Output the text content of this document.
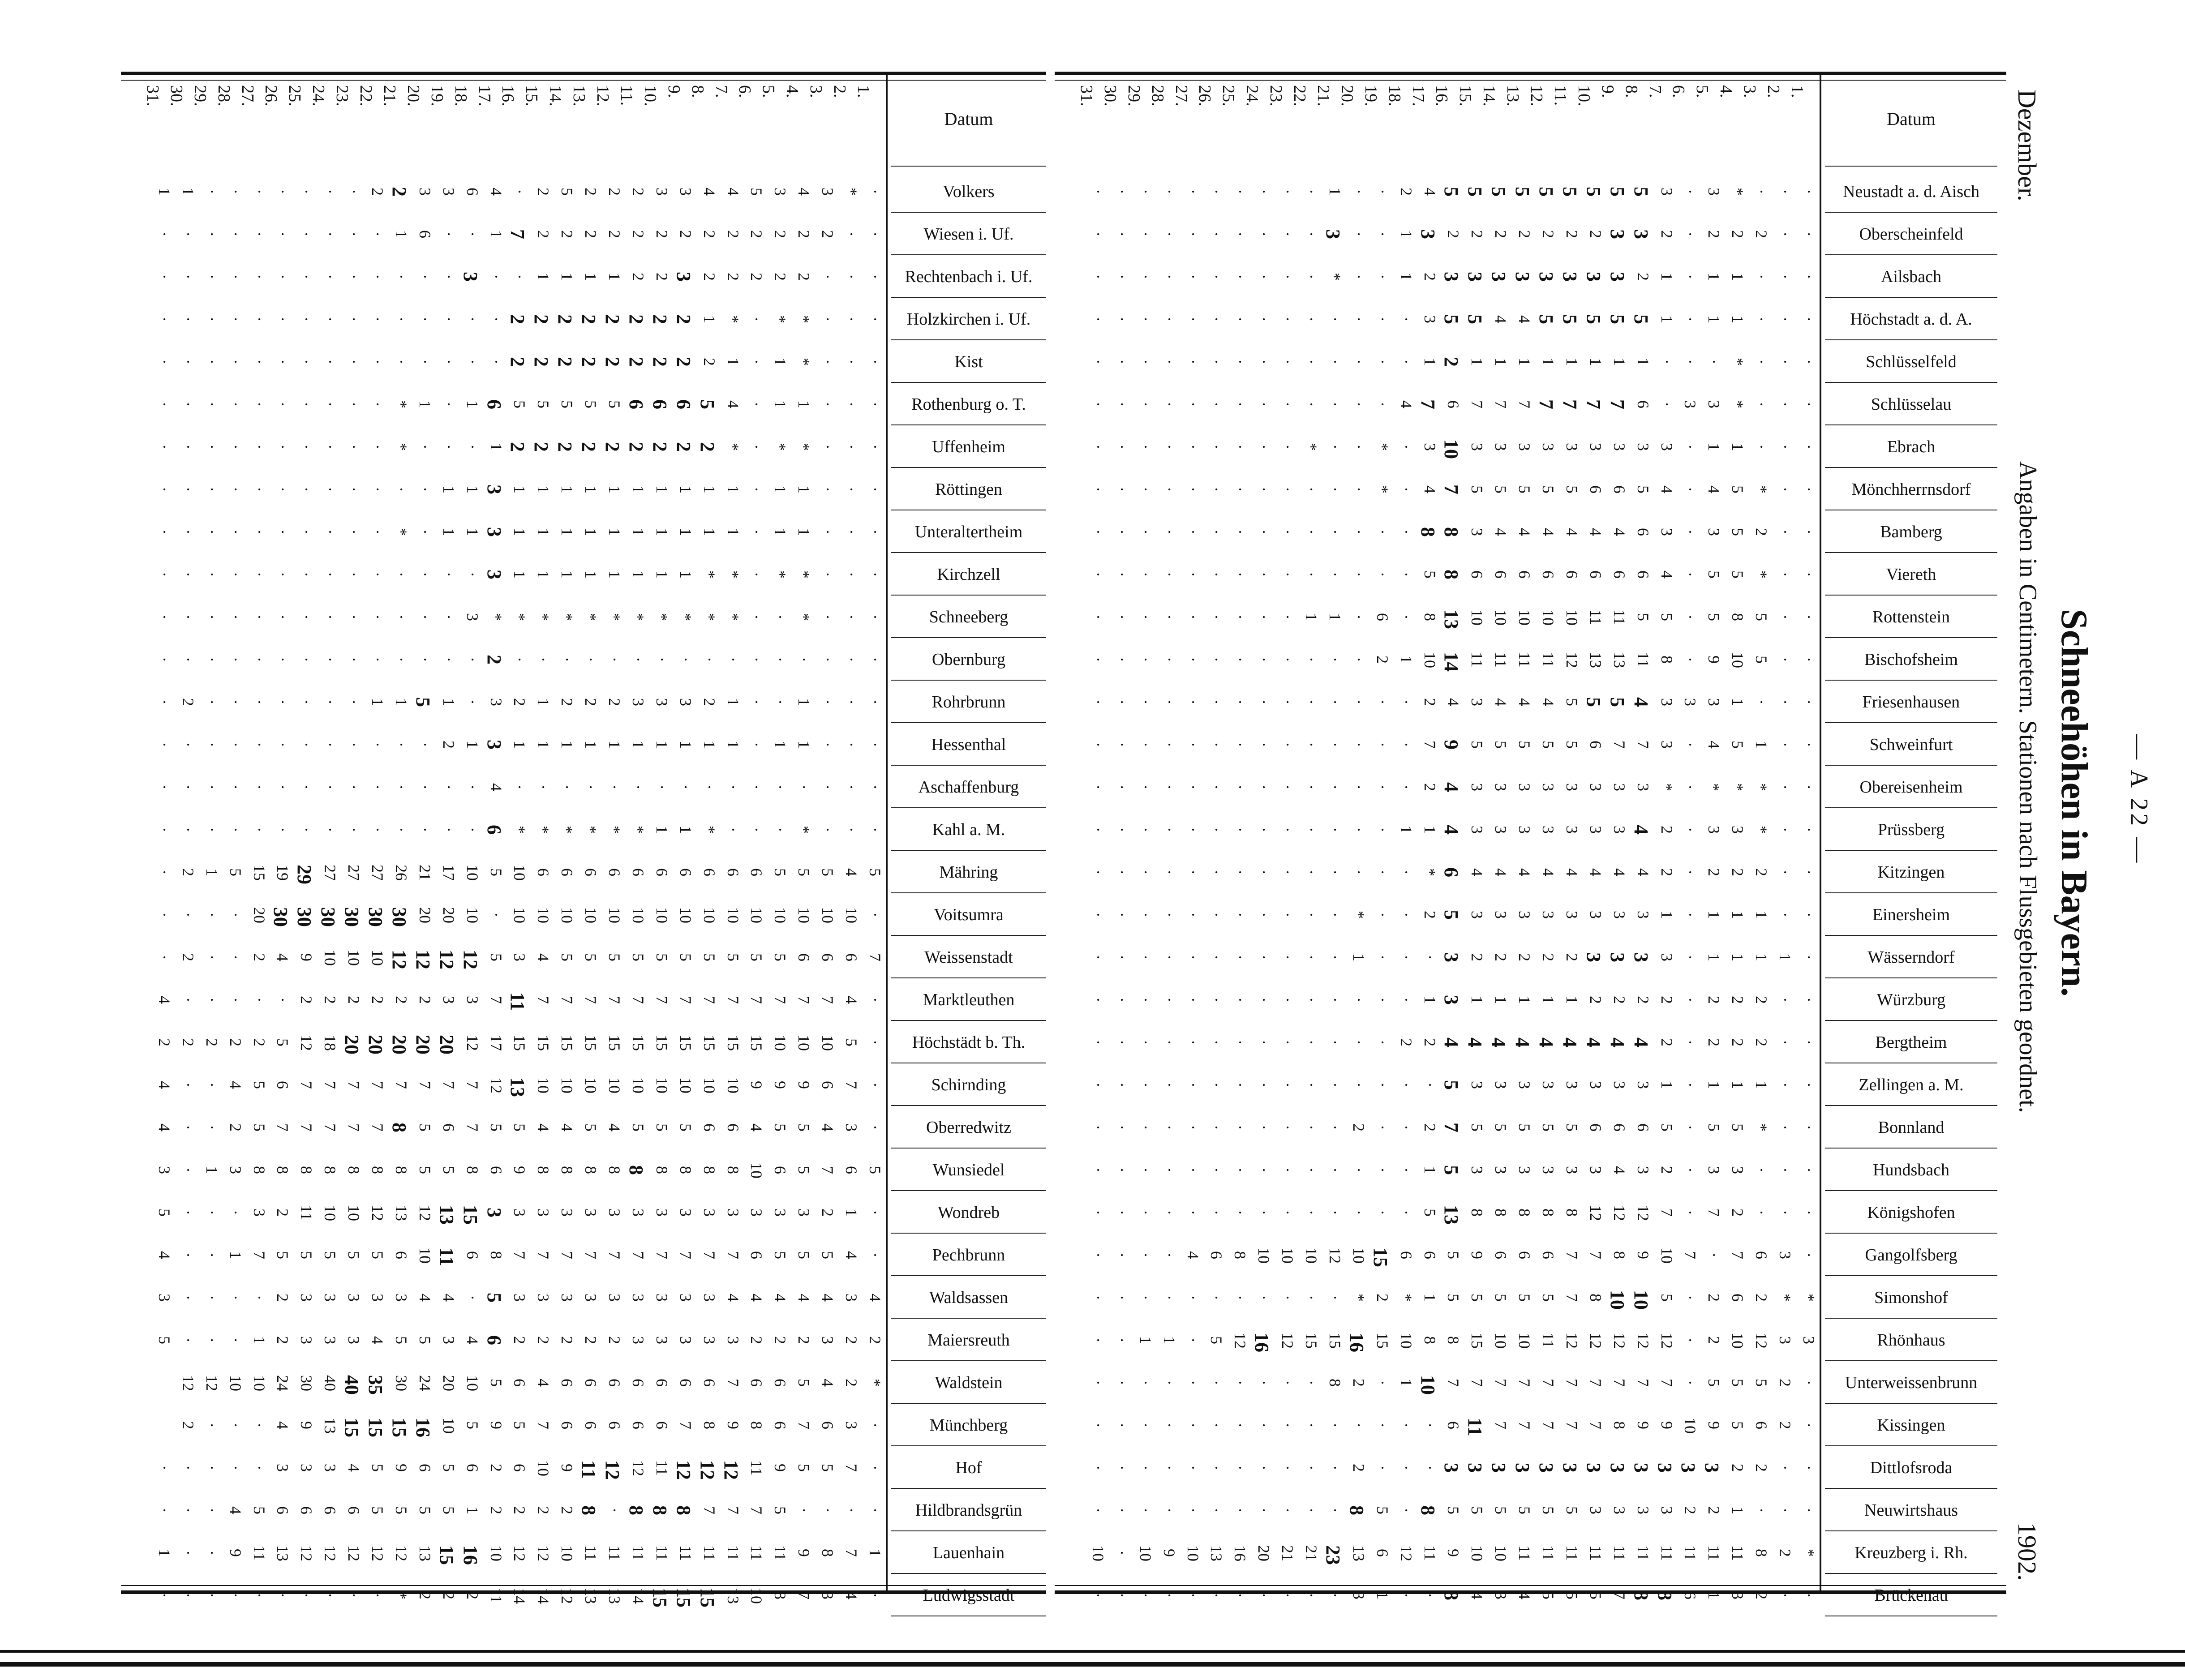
— A 22 —
Schneehöhen in Bayern.
Angaben in Centimetern. Stationen nach Flussgebieten geordnet.
Dezember.
1902.
1.
2.
3.
4.
5.
6.
7.
8.
9.
10.
11.
12.
13.
14.
15.
16.
17.
18.
19.
20.
21.
22.
23.
24.
25.
26.
27.
28.
29.
30.
31.
Datum
Volkers
·
*
3
4
3
5
4
4
3
3
2
2
2
5
2
·
4
6
3
3
2
2
·
·
·
·
·
·
·
1
1
Wiesen i. Uf.
·
·
2
2
2
2
2
2
2
2
2
2
2
2
2
7
1
·
·
6
1
·
·
·
·
·
·
·
·
·
·
Rechtenbach i. Uf.
·
·
·
2
2
2
2
2
3
2
2
1
1
1
1
·
·
3
·
·
·
·
·
·
·
·
·
·
·
·
·
Holzkirchen i. Uf.
·
·
·
*
*
·
*
1
2
2
2
2
2
2
2
2
·
·
·
·
·
·
·
·
·
·
·
·
·
·
·
Kist
·
·
·
*
1
·
1
2
2
2
2
2
2
2
2
2
·
·
·
·
·
·
·
·
·
·
·
·
·
·
·
Rothenburg o. T.
·
·
·
1
1
·
4
5
6
6
6
5
5
5
5
5
6
1
·
1
*
·
·
·
·
·
·
·
·
·
·
Uffenheim
·
·
·
*
*
·
*
2
2
2
2
2
2
2
2
2
1
·
·
·
*
·
·
·
·
·
·
·
·
·
·
Röttingen
·
·
·
1
1
·
1
1
1
1
1
1
1
1
1
1
3
1
1
·
·
·
·
·
·
·
·
·
·
·
·
Unteraltertheim
·
·
·
1
1
·
1
1
1
1
1
1
1
1
1
1
3
1
1
·
*
·
·
·
·
·
·
·
·
·
·
Kirchzell
·
·
·
*
*
·
*
*
1
1
1
1
1
1
1
1
3
·
·
·
·
·
·
·
·
·
·
·
·
·
·
Schneeberg
·
·
·
*
·
·
*
*
*
*
*
*
*
*
*
*
*
3
·
·
·
·
·
·
·
·
·
·
·
·
·
Obernburg
·
·
·
·
·
·
·
·
·
·
·
·
·
·
·
·
2
·
·
·
·
·
·
·
·
·
·
·
·
·
·
Rohrbrunn
·
·
·
1
·
·
1
2
3
3
3
2
2
2
1
2
3
·
1
5
1
1
·
·
·
·
·
·
·
2
·
Hessenthal
·
·
·
1
1
·
1
1
1
1
1
1
1
1
1
1
3
1
2
·
·
·
·
·
·
·
·
·
·
·
·
Aschaffenburg
·
·
·
·
·
·
·
·
·
·
·
·
·
·
·
·
4
·
·
·
·
·
·
·
·
·
·
·
·
·
·
Kahl a. M.
·
·
·
*
·
·
·
*
1
1
*
*
*
*
*
*
6
·
·
·
·
·
·
·
·
·
·
·
·
·
·
Mähring
5
4
5
5
5
6
6
6
6
6
6
6
6
6
6
10
5
10
17
21
26
27
27
27
29
19
15
5
1
2
·
Voitsumra
·
10
10
10
10
10
10
10
10
10
10
10
10
10
10
10
·
10
20
20
30
30
30
30
30
30
20
·
·
·
·
Weissenstadt
7
6
6
6
5
5
5
5
5
5
5
5
5
5
4
3
5
12
12
12
12
10
10
10
9
4
2
·
·
2
·
Marktleuthen
·
4
7
7
7
7
7
7
7
7
7
7
7
7
7
11
7
3
3
2
2
2
2
2
2
·
·
·
·
·
4
Höchstädt b. Th.
·
5
10
10
10
15
15
15
15
15
15
15
15
15
15
15
17
12
20
20
20
20
20
18
12
5
2
2
2
2
2
Schirnding
·
7
6
9
9
9
10
10
10
10
10
10
10
10
10
13
12
7
7
7
7
7
7
7
7
6
5
4
·
·
4
Oberredwitz
·
3
4
5
5
4
6
6
5
5
5
4
5
4
4
5
5
7
6
5
8
7
7
7
7
7
5
2
·
·
4
Wunsiedel
5
6
7
5
6
10
8
8
8
8
8
8
8
8
8
9
6
8
5
5
8
8
8
8
8
8
8
3
1
·
3
Wondreb
·
1
2
3
3
3
3
3
3
3
3
3
3
3
3
3
3
15
13
12
13
12
10
10
11
2
3
·
·
·
5
Pechbrunn
·
4
5
5
5
6
7
7
7
7
7
7
7
7
7
7
8
6
11
10
6
5
5
5
5
5
7
1
·
·
4
Waldsassen
4
3
4
4
4
4
4
3
3
3
3
3
3
3
3
3
5
·
4
4
3
3
3
3
3
2
·
·
·
·
3
Maiersreuth
2
2
3
2
2
2
3
3
3
3
3
2
2
2
2
2
6
4
3
5
5
4
3
3
3
2
1
·
·
·
5
Waldstein
*
2
4
5
6
6
7
6
6
6
6
6
6
6
4
6
5
10
20
24
30
35
40
40
30
24
10
10
12
12
Münchberg
·
3
6
7
6
8
9
8
7
6
6
6
6
6
7
5
9
5
10
16
15
15
15
13
9
4
·
·
·
2
Hof
·
7
5
5
9
11
12
12
12
11
12
12
11
9
10
6
2
6
5
6
9
5
4
3
3
3
·
·
·
·
·
Hildbrandsgrün
·
·
·
·
5
7
7
7
8
8
8
·
8
2
2
2
2
1
5
5
5
5
6
6
6
6
5
4
·
·
·
Lauenhain
1
7
8
9
11
11
11
11
11
11
11
11
11
10
12
12
10
16
15
13
12
12
12
12
12
13
11
9
·
·
1
Ludwigsstadt
·
4
3
7
8
10
13
15
15
15
14
13
13
12
14
14
11
2
2
2
*
·
·
·
·
·
·
·
·
·
·
1.
2.
3.
4.
5.
6.
7.
8.
9.
10.
11.
12.
13.
14.
15.
16.
17.
18.
19.
20.
21.
22.
23.
24.
25.
26.
27.
28.
29.
30.
31.
Datum
Neustadt a. d. Aisch
·
·
·
*
3
·
3
5
5
5
5
5
5
5
5
5
4
2
·
·
1
·
·
·
·
·
·
·
·
·
·
Oberscheinfeld
·
·
2
2
2
·
2
3
3
2
2
2
2
2
2
2
3
1
·
·
3
·
·
·
·
·
·
·
·
·
·
Ailsbach
·
·
·
1
1
·
1
2
3
3
3
3
3
3
3
3
2
1
·
·
*
·
·
·
·
·
·
·
·
·
·
Höchstadt a. d. A.
·
·
·
1
1
·
1
5
5
5
5
5
4
4
5
5
3
·
·
·
·
·
·
·
·
·
·
·
·
·
·
Schlüsselfeld
·
·
·
*
·
·
·
1
1
1
1
1
1
1
1
2
1
·
·
·
·
·
·
·
·
·
·
·
·
·
·
Schlüsselau
·
·
·
*
3
3
·
6
7
7
7
7
7
7
7
6
7
4
·
·
·
·
·
·
·
·
·
·
·
·
·
Ebrach
·
·
·
1
1
·
3
3
3
3
3
3
3
3
3
10
3
·
*
·
·
*
·
·
·
·
·
·
·
·
·
Mönchherrnsdorf
·
·
*
5
4
·
4
5
6
6
5
5
5
5
5
7
4
·
*
·
·
·
·
·
·
·
·
·
·
·
·
Bamberg
·
·
2
5
3
·
3
6
4
4
4
4
4
4
3
8
8
·
·
·
·
·
·
·
·
·
·
·
·
·
·
Viereth
·
·
*
5
5
·
4
6
6
6
6
6
6
6
6
8
5
·
·
·
·
·
·
·
·
·
·
·
·
·
·
Rottenstein
·
·
5
8
5
·
5
5
11
11
10
10
10
10
10
13
8
·
6
·
1
1
·
·
·
·
·
·
·
·
·
Bischofsheim
·
·
5
10
9
·
8
11
13
13
12
11
11
11
11
14
10
1
2
·
·
·
·
·
·
·
·
·
·
·
·
Friesenhausen
·
·
·
1
3
3
3
4
5
5
5
4
4
4
3
4
2
·
·
·
·
·
·
·
·
·
·
·
·
·
·
Schweinfurt
·
·
1
5
4
·
3
7
7
6
5
5
5
5
5
9
7
·
·
·
·
·
·
·
·
·
·
·
·
·
·
Obereisenheim
·
·
*
*
*
·
*
3
3
3
3
3
3
3
3
4
2
·
·
·
·
·
·
·
·
·
·
·
·
·
·
Prüssberg
·
·
*
3
3
·
2
4
3
3
3
3
3
3
3
4
1
1
·
·
·
·
·
·
·
·
·
·
·
·
·
Kitzingen
·
·
2
2
2
·
2
4
4
4
4
4
4
4
4
6
*
·
·
·
·
·
·
·
·
·
·
·
·
·
·
Einersheim
·
·
1
1
1
·
1
3
3
3
3
3
3
3
3
5
2
·
·
*
·
·
·
·
·
·
·
·
·
·
·
Wässerndorf
·
1
1
1
1
·
3
3
3
3
2
2
2
2
2
3
·
·
·
1
·
·
·
·
·
·
·
·
·
·
·
Würzburg
·
·
2
2
2
·
2
2
2
2
1
1
1
1
1
3
1
·
·
·
·
·
·
·
·
·
·
·
·
·
·
Bergtheim
·
·
2
2
2
·
2
4
4
4
4
4
4
4
4
4
2
2
·
·
·
·
·
·
·
·
·
·
·
·
·
Zellingen a. M.
·
·
1
1
1
·
1
3
3
3
3
3
3
3
3
5
·
·
·
·
·
·
·
·
·
·
·
·
·
·
·
Bonnland
·
·
*
5
5
·
5
6
6
6
5
5
5
5
5
7
2
·
·
2
·
·
·
·
·
·
·
·
·
·
·
Hundsbach
·
·
·
3
3
·
2
3
4
3
3
3
3
3
3
5
1
·
·
·
·
·
·
·
·
·
·
·
·
·
·
Königshofen
·
·
·
2
7
·
7
12
12
12
8
8
8
8
8
13
5
·
·
·
·
·
·
·
·
·
·
·
·
·
·
Gangolfsberg
·
3
6
7
·
7
10
9
8
7
7
6
6
6
9
5
6
6
15
10
12
10
10
10
8
6
4
·
·
·
·
Simonshof
*
*
2
6
2
·
5
10
10
8
7
5
5
5
5
5
1
*
2
*
·
·
·
·
·
·
·
·
·
·
·
Rhönhaus
3
3
12
10
2
·
12
12
12
12
12
11
10
10
15
8
8
10
15
16
15
15
12
16
12
5
·
1
1
·
·
Unterweissenbrunn
·
2
5
5
5
·
7
7
7
7
7
7
7
7
7
7
10
1
·
2
8
·
·
·
·
·
·
·
·
·
·
Kissingen
·
2
6
5
9
10
9
9
8
7
7
7
7
7
11
6
·
·
·
·
·
·
·
·
·
·
·
·
·
·
·
Dittlofsroda
·
·
2
2
3
3
3
3
3
3
3
3
3
3
3
3
·
·
·
2
·
·
·
·
·
·
·
·
·
·
·
Neuwirtshaus
·
·
·
1
2
2
3
3
3
3
5
5
5
5
5
5
8
·
5
8
·
·
·
·
·
·
·
·
·
·
·
Kreuzberg i. Rh.
*
2
8
11
11
11
11
11
11
11
11
11
11
10
10
9
11
12
6
13
23
21
21
20
16
13
10
9
10
·
10
Brückenau
·
·
2
3
1
6
8
8
7
5
5
5
4
3
4
8
·
·
1
3
·
·
·
·
·
·
·
·
·
·
·
